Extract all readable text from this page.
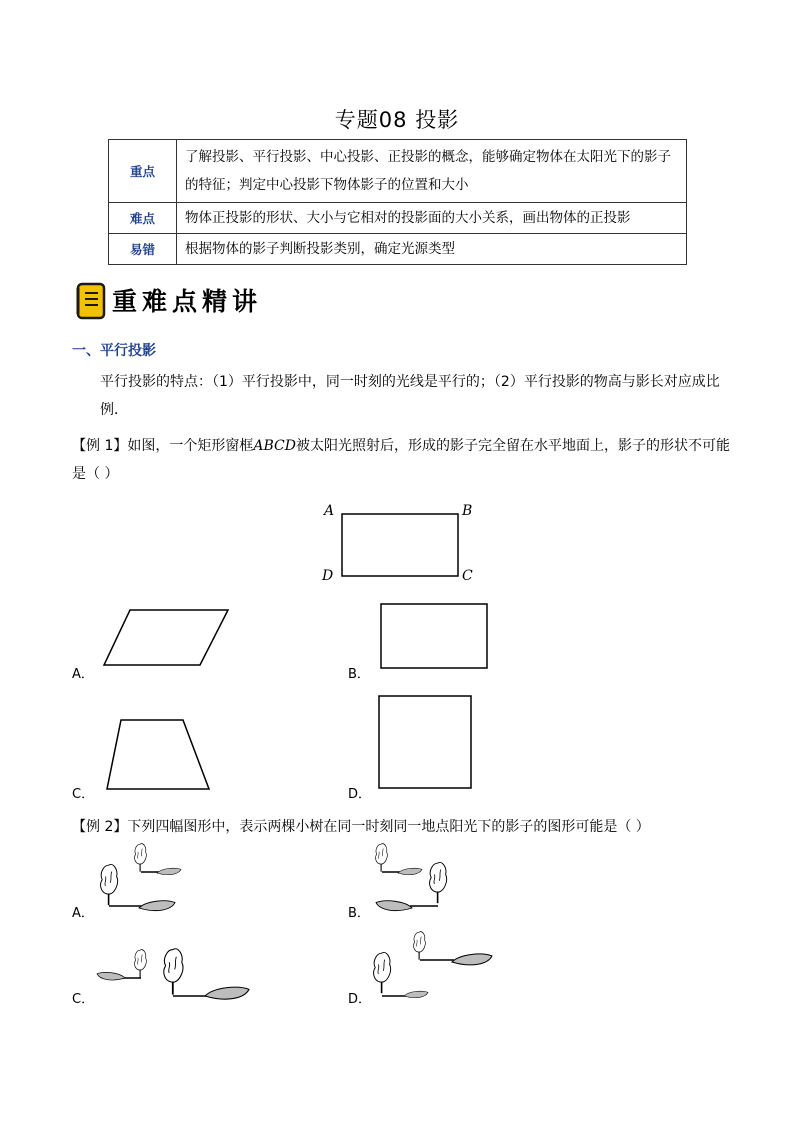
专题08 投影
重点	了解投影、平行投影、中心投影、正投影的概念，能够确定物体在太阳光下的影子的特征；判定中心投影下物体影子的位置和大小
难点	物体正投影的形状、大小与它相对的投影面的大小关系，画出物体的正投影
易错	根据物体的影子判断投影类别，确定光源类型
重难点精讲
一、平行投影
平行投影的特点：（1）平行投影中，同一时刻的光线是平行的；（2）平行投影的物高与影长对应成比例．
【例 1】如图，一个矩形窗框ABCD被太阳光照射后，形成的影子完全留在水平地面上，影子的形状不可能是（ ）
A	B
C
D
A．	B．
C．	D．
【例 2】下列四幅图形中，表示两棵小树在同一时刻同一地点阳光下的影子的图形可能是（ ）
A．	B．
C．	D．
